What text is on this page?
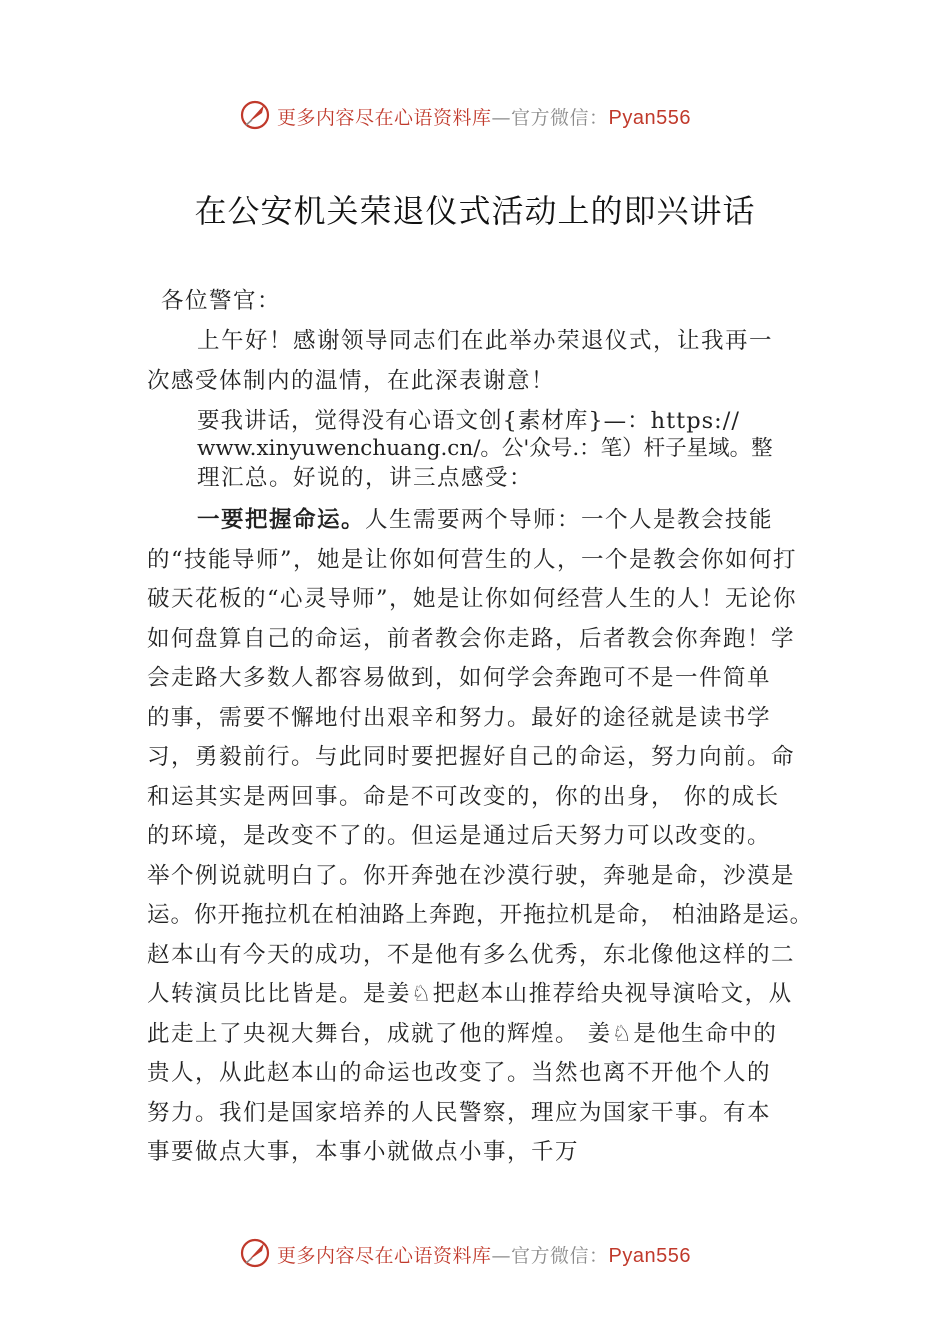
更多内容尽在心语资料库—官方微信：Pyan556
在公安机关荣退仪式活动上的即兴讲话
各位警官：
上午好！感谢领导同志们在此举办荣退仪式，让我再一
次感受体制内的温情，在此深表谢意！
要我讲话，觉得没有心语文创{素材库}—：https://
www.xinyuwenchuang.cn/。公'众号.：笔）杆子星域。整
理汇总。好说的，讲三点感受：
一要把握命运。人生需要两个导师：一个人是教会技能
的“技能导师”，她是让你如何营生的人，一个是教会你如何打
破天花板的“心灵导师”，她是让你如何经营人生的人！无论你
如何盘算自己的命运，前者教会你走路，后者教会你奔跑！学
会走路大多数人都容易做到，如何学会奔跑可不是一件简单
的事，需要不懈地付出艰辛和努力。最好的途径就是读书学
习，勇毅前行。与此同时要把握好自己的命运，努力向前。命
和运其实是两回事。命是不可改变的，你的出身， 你的成长
的环境，是改变不了的。但运是通过后天努力可以改变的。
举个例说就明白了。你开奔弛在沙漠行驶，奔驰是命，沙漠是
运。你开拖拉机在柏油路上奔跑，开拖拉机是命， 柏油路是运。
赵本山有今天的成功，不是他有多么优秀，东北像他这样的二
人转演员比比皆是。是姜♘把赵本山推荐给央视导演哈文，从
此走上了央视大舞台，成就了他的辉煌。 姜♘是他生命中的
贵人，从此赵本山的命运也改变了。当然也离不开他个人的
努力。我们是国家培养的人民警察，理应为国家干事。有本
事要做点大事，本事小就做点小事，千万
更多内容尽在心语资料库—官方微信：Pyan556
